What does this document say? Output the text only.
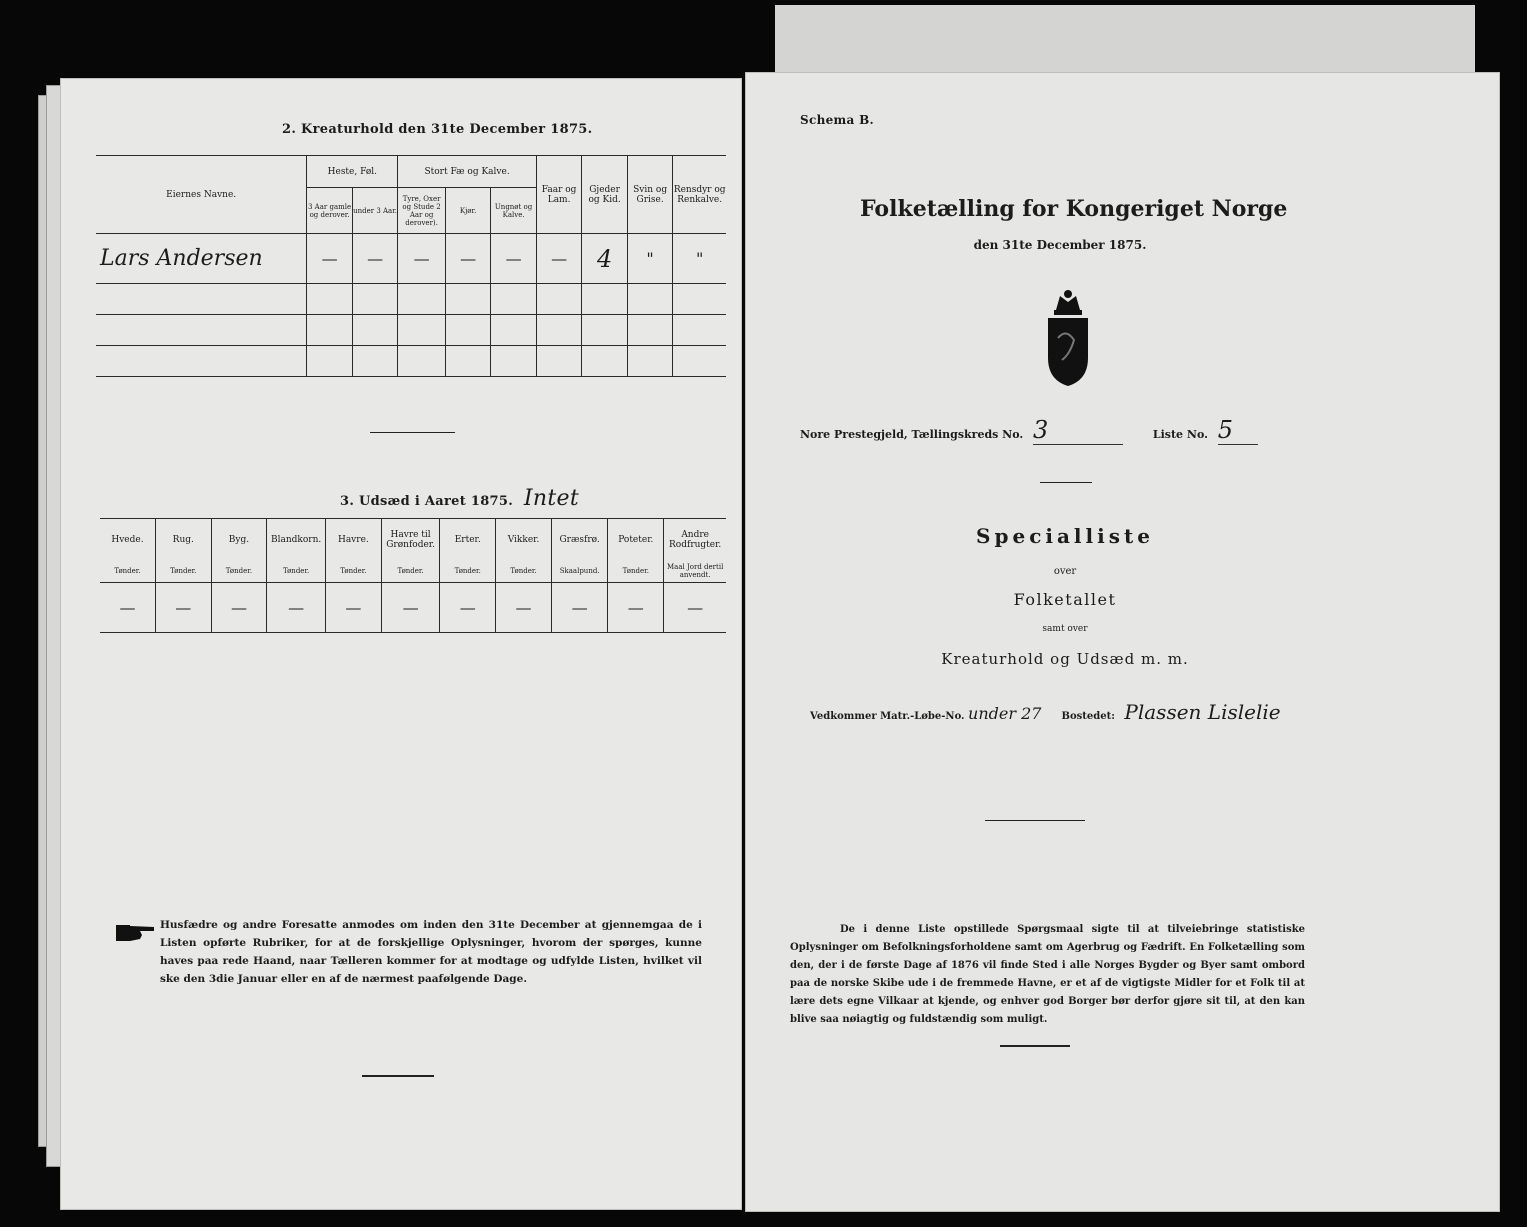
2. Kreaturhold den 31te December 1875.
Eiernes Navne.	Heste, Føl.		Stort Fæ og Kalve.			Faar og Lam.	Gjeder og Kid.	Svin og Grise.	Rensdyr og Renkalve.
	3 Aar gamle og derover.	under 3 Aar.	Tyre, Oxer og Stude 2 Aar og derover).	Kjør.	Ungnøt og Kalve.				
Lars Andersen	—	—	—	—	—	—	4	"	"

3. Udsæd i Aaret 1875. Intet
Hvede.	Rug.	Byg.	Blandkorn.	Havre.	Havre til Grønfoder.	Erter.	Vikker.	Græsfrø.	Poteter.	Andre Rodfrugter.
Tønder.	Tønder.	Tønder.	Tønder.	Tønder.	Tønder.	Tønder.	Tønder.	Skaalpund.	Tønder.	Maal Jord dertil anvendt.
—	—	—	—	—	—	—	—	—	—	—
Husfædre og andre Foresatte anmodes om inden den 31te December at gjennemgaa de i Listen opførte Rubriker, for at de forskjellige Oplysninger, hvorom der spørges, kunne haves paa rede Haand, naar Tælleren kommer for at modtage og udfylde Listen, hvilket vil ske den 3die Januar eller en af de nærmest paafølgende Dage.
Schema B.
Folketælling for Kongeriget Norge
den 31te December 1875.
Nore Prestegjeld, Tællingskreds No. 3	Liste No. 5
Specialliste
over
Folketallet
samt over
Kreaturhold og Udsæd m. m.
Vedkommer Matr.-Løbe-No. under 27 Bostedet: Plassen Lislelie
De i denne Liste opstillede Spørgsmaal sigte til at tilveiebringe statistiske Oplysninger om Befolkningsforholdene samt om Agerbrug og Fædrift. En Folketælling som den, der i de første Dage af 1876 vil finde Sted i alle Norges Bygder og Byer samt ombord paa de norske Skibe ude i de fremmede Havne, er et af de vigtigste Midler for et Folk til at lære dets egne Vilkaar at kjende, og enhver god Borger bør derfor gjøre sit til, at den kan blive saa nøiagtig og fuldstændig som muligt.
